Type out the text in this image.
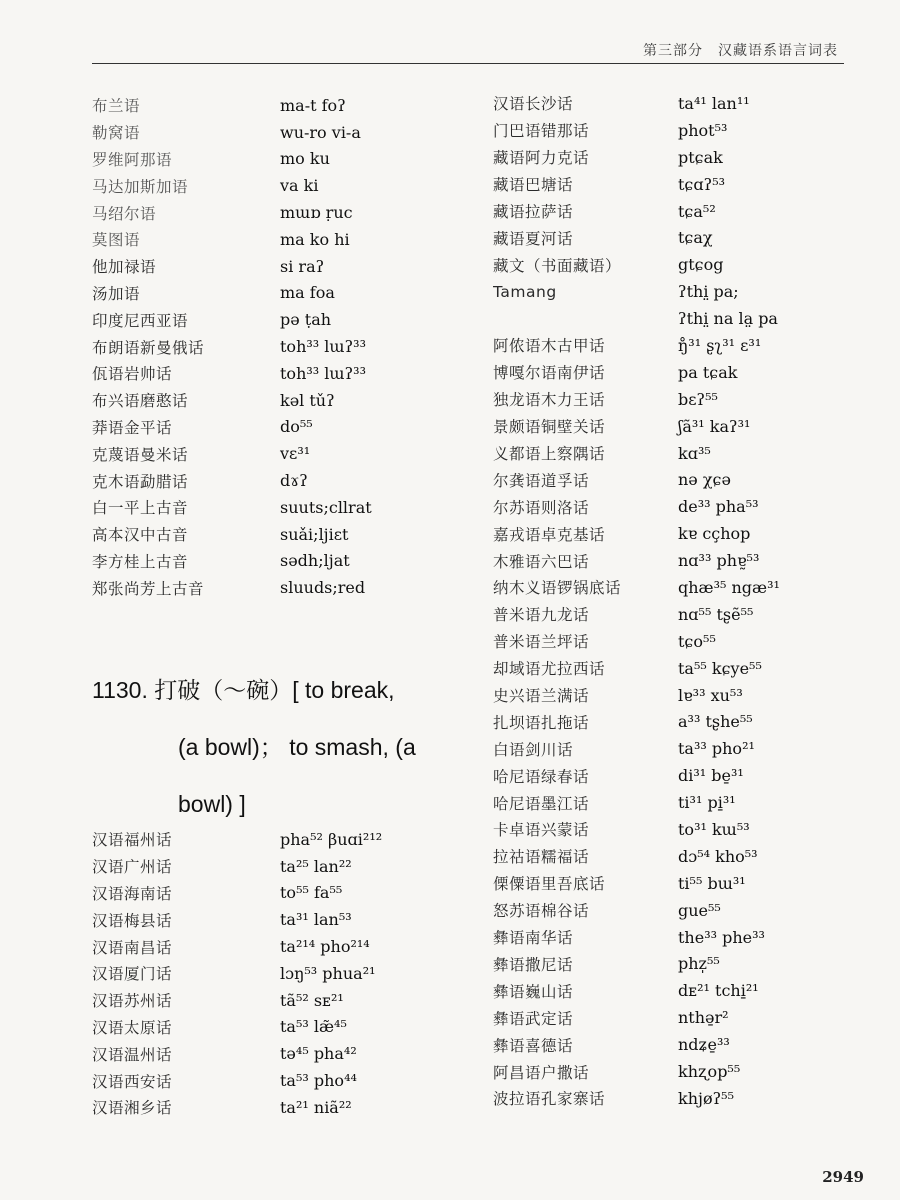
第三部分　汉藏语系语言词表
布兰语	ma-t foʔ
勒窝语	wu-ro vi-a
罗维阿那语	mo ku
马达加斯加语	va ki
马绍尔语	mɯɒ ṛuc
莫图语	ma ko hi
他加禄语	si raʔ
汤加语	ma foa
印度尼西亚语	pə ṭah
布朗语新曼俄话	toh³³ lɯʔ³³
佤语岩帅话	toh³³ lɯʔ³³
布兴语磨憨话	kəl tǔʔ
莽语金平话	do⁵⁵
克蔑语曼米话	vɛ³¹
克木语勐腊话	dɤʔ
白一平上古音	suuts;cllrat
高本汉中古音	suǎi;ljiɛt
李方桂上古音	sədh;ljat
郑张尚芳上古音	sluuds;red
1130. 打破（～碗）[ to break,
(a bowl)； to smash, (a
bowl) ]
汉语福州话	pha⁵² βuɑi²¹²
汉语广州话	ta²⁵ lan²²
汉语海南话	to⁵⁵ fa⁵⁵
汉语梅县话	ta³¹ lan⁵³
汉语南昌话	ta²¹⁴ pho²¹⁴
汉语厦门话	lɔŋ⁵³ phua²¹
汉语苏州话	tã⁵² sᴇ²¹
汉语太原话	ta⁵³ læ̃⁴⁵
汉语温州话	tə⁴⁵ pha⁴²
汉语西安话	ta⁵³ pho⁴⁴
汉语湘乡话	ta²¹ niã²²
汉语长沙话	ta⁴¹ lan¹¹
门巴语错那话	phot⁵³
藏语阿力克话	ptɕak
藏语巴塘话	tɕɑʔ⁵³
藏语拉萨话	tɕa⁵²
藏语夏河话	tɕaχ
藏文（书面藏语）	gtɕog
Tamang	ʔthi̤ pa;
ʔthi̤ na la̤ pa
阿侬语木古甲话	ŋ̊³¹ ʂʅ³¹ ɛ³¹
博嘎尔语南伊话	pa tɕak
独龙语木力王话	bɛʔ⁵⁵
景颇语铜壁关话	ʃã³¹ kaʔ³¹
义都语上察隅话	kɑ³⁵
尔龚语道孚话	nə χɕə
尔苏语则洛话	de³³ pha⁵³
嘉戎语卓克基话	kɐ cçhop
木雅语六巴话	nɑ³³ phɐ̰⁵³
纳木义语锣锅底话	qhæ³⁵ ngæ³¹
普米语九龙话	nɑ⁵⁵ tʂẽ⁵⁵
普米语兰坪话	tɕo⁵⁵
却域语尤拉西话	ta⁵⁵ kɕye⁵⁵
史兴语兰满话	lɐ³³ xu⁵³
扎坝语扎拖话	a³³ tʂhe⁵⁵
白语剑川话	ta³³ pho²¹
哈尼语绿春话	di³¹ be̱³¹
哈尼语墨江话	ti³¹ pi̱³¹
卡卓语兴蒙话	to³¹ kɯ⁵³
拉祜语糯福话	dɔ⁵⁴ kho⁵³
傈僳语里吾底话	ti⁵⁵ bɯ³¹
怒苏语棉谷话	gue⁵⁵
彝语南华话	the³³ phe³³
彝语撒尼话	phz̩⁵⁵
彝语巍山话	dᴇ²¹ tchi̱²¹
彝语武定话	nthə̱r²
彝语喜德话	ndʑe̱³³
阿昌语户撒话	khʐop⁵⁵
波拉语孔家寨话	khjøʔ⁵⁵
2949
